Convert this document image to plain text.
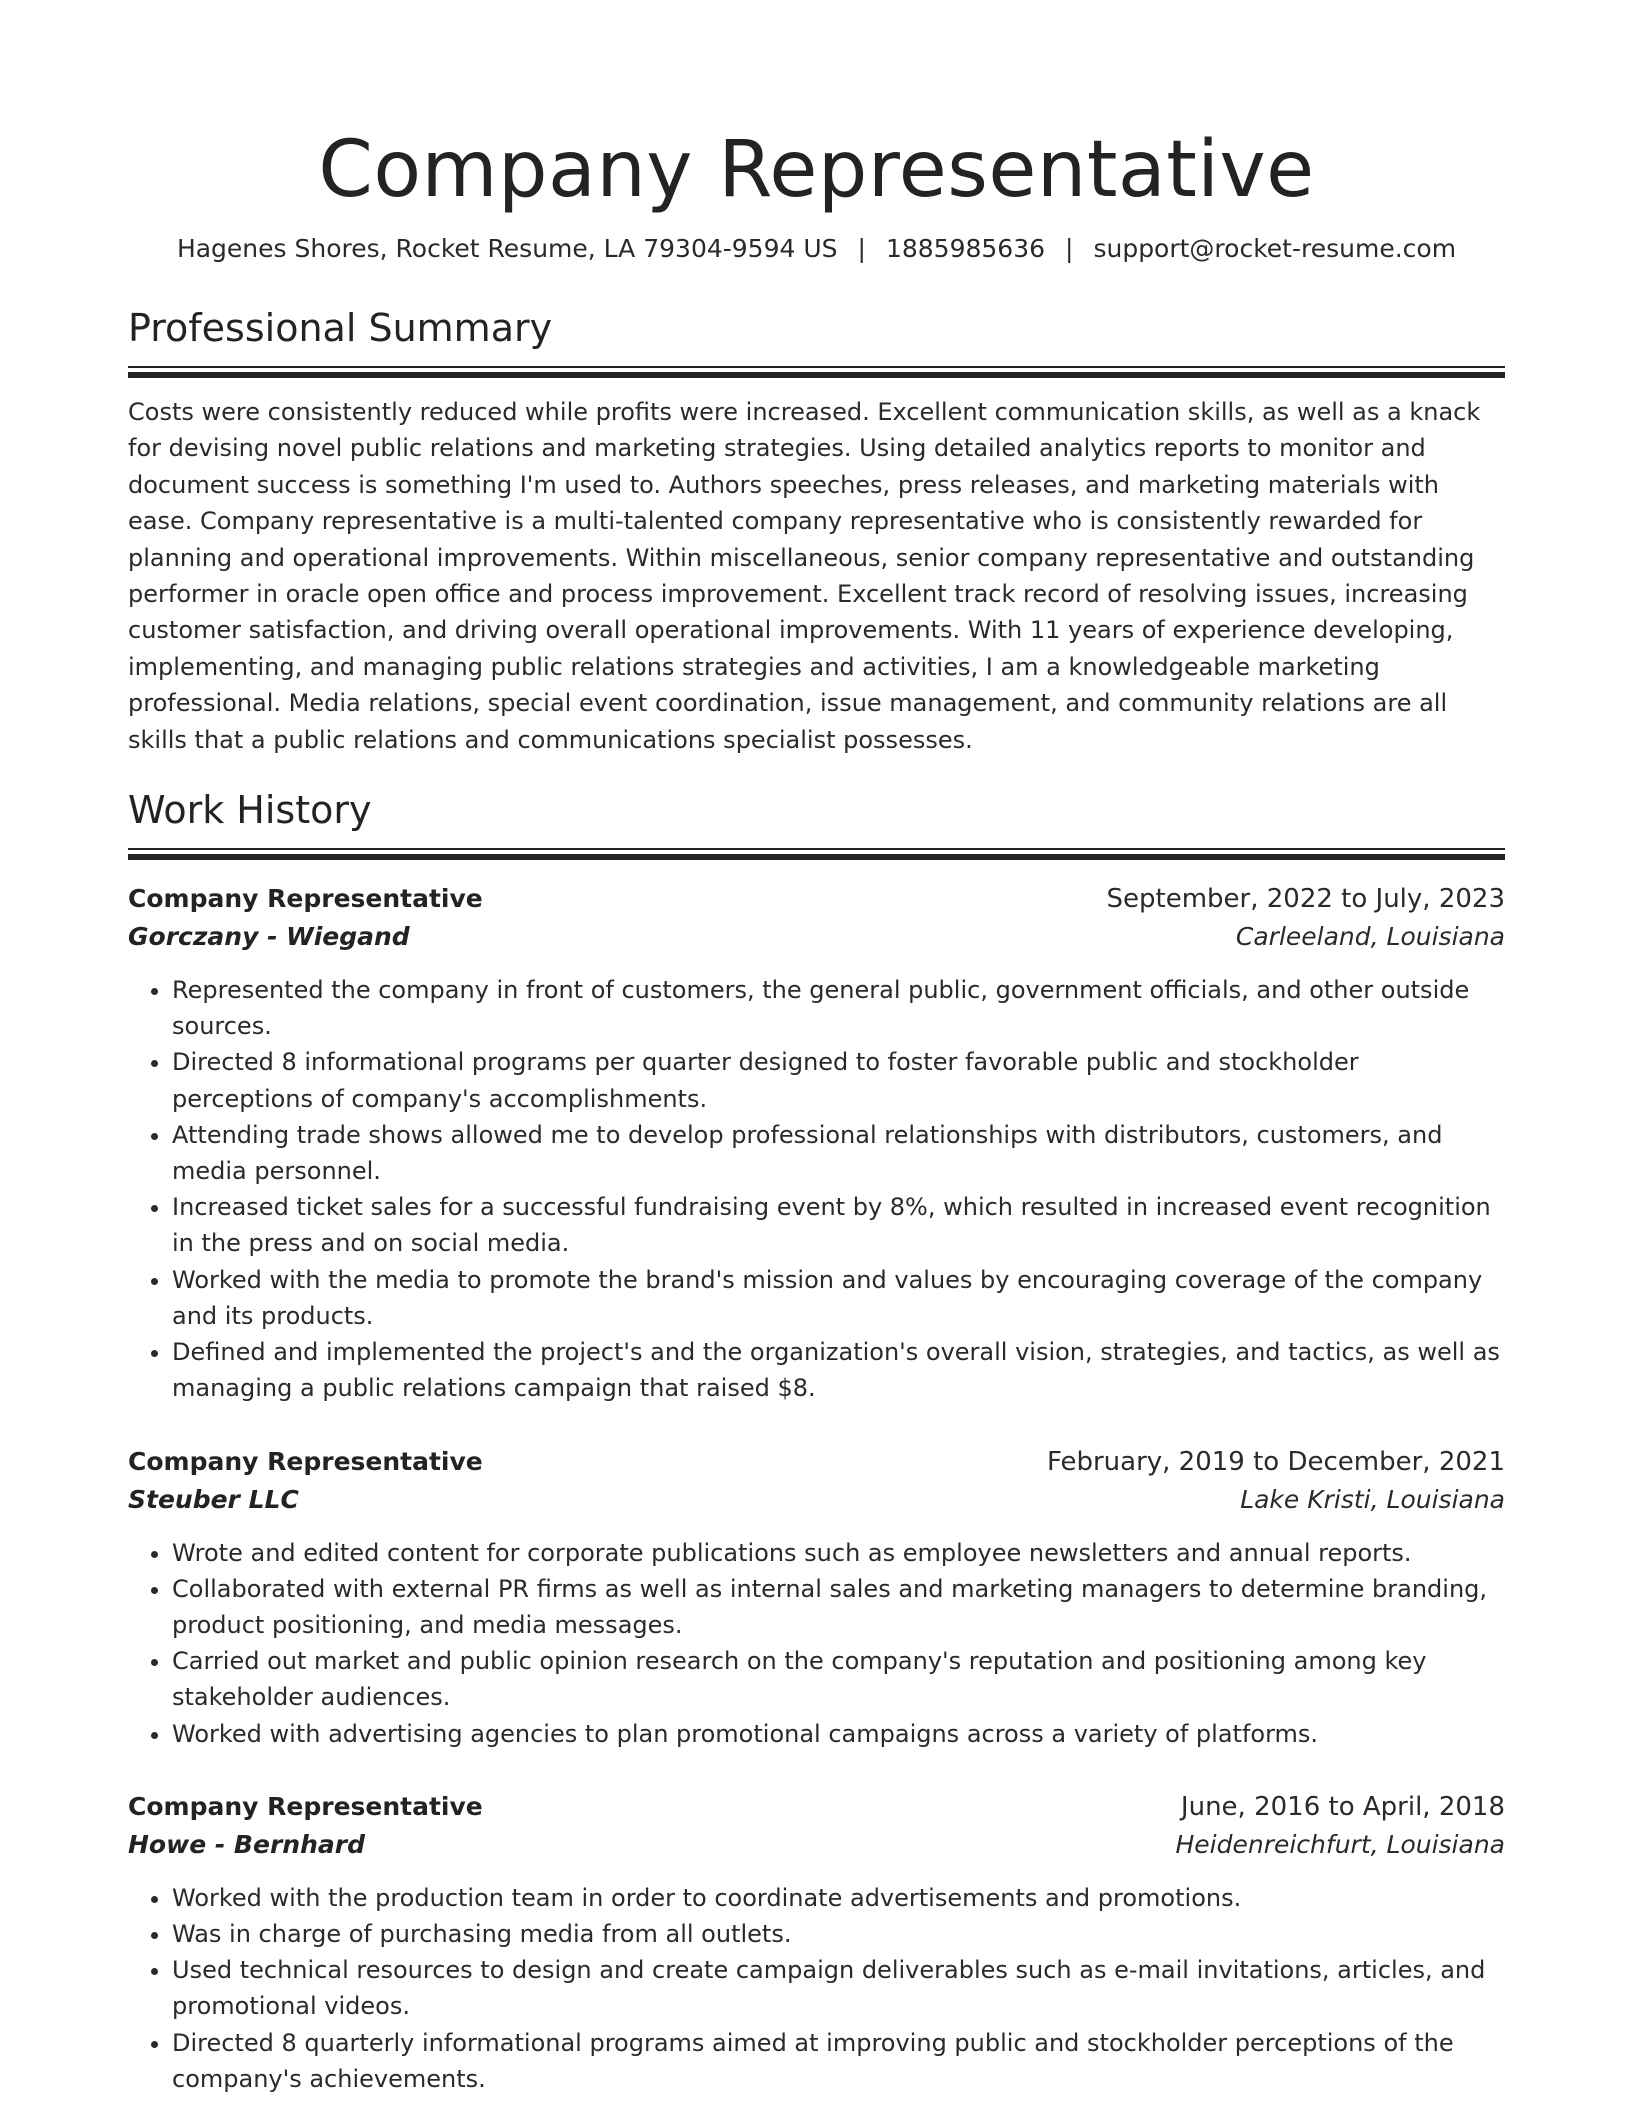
Company Representative
Hagenes Shores, Rocket Resume, LA 79304-9594 US | 1885985636 | support@rocket-resume.com
Professional Summary

Costs were consistently reduced while profits were increased. Excellent communication skills, as well as a knack for devising novel public relations and marketing strategies. Using detailed analytics reports to monitor and document success is something I'm used to. Authors speeches, press releases, and marketing materials with ease. Company representative is a multi-talented company representative who is consistently rewarded for planning and operational improvements. Within miscellaneous, senior company representative and outstanding performer in oracle open office and process improvement. Excellent track record of resolving issues, increasing customer satisfaction, and driving overall operational improvements. With 11 years of experience developing, implementing, and managing public relations strategies and activities, I am a knowledgeable marketing professional. Media relations, special event coordination, issue management, and community relations are all skills that a public relations and communications specialist possesses.

Work History
Company Representative	September, 2022 to July, 2023
Gorczany - Wiegand	Carleeland, Louisiana
• Represented the company in front of customers, the general public, government officials, and other outside sources.
• Directed 8 informational programs per quarter designed to foster favorable public and stockholder perceptions of company's accomplishments.
• Attending trade shows allowed me to develop professional relationships with distributors, customers, and media personnel.
• Increased ticket sales for a successful fundraising event by 8%, which resulted in increased event recognition in the press and on social media.
• Worked with the media to promote the brand's mission and values by encouraging coverage of the company and its products.
• Defined and implemented the project's and the organization's overall vision, strategies, and tactics, as well as managing a public relations campaign that raised $8.
Company Representative	February, 2019 to December, 2021
Steuber LLC	Lake Kristi, Louisiana
• Wrote and edited content for corporate publications such as employee newsletters and annual reports.
• Collaborated with external PR firms as well as internal sales and marketing managers to determine branding, product positioning, and media messages.
• Carried out market and public opinion research on the company's reputation and positioning among key stakeholder audiences.
• Worked with advertising agencies to plan promotional campaigns across a variety of platforms.
Company Representative	June, 2016 to April, 2018
Howe - Bernhard	Heidenreichfurt, Louisiana
• Worked with the production team in order to coordinate advertisements and promotions.
• Was in charge of purchasing media from all outlets.
• Used technical resources to design and create campaign deliverables such as e-mail invitations, articles, and promotional videos.
• Directed 8 quarterly informational programs aimed at improving public and stockholder perceptions of the company's achievements.
